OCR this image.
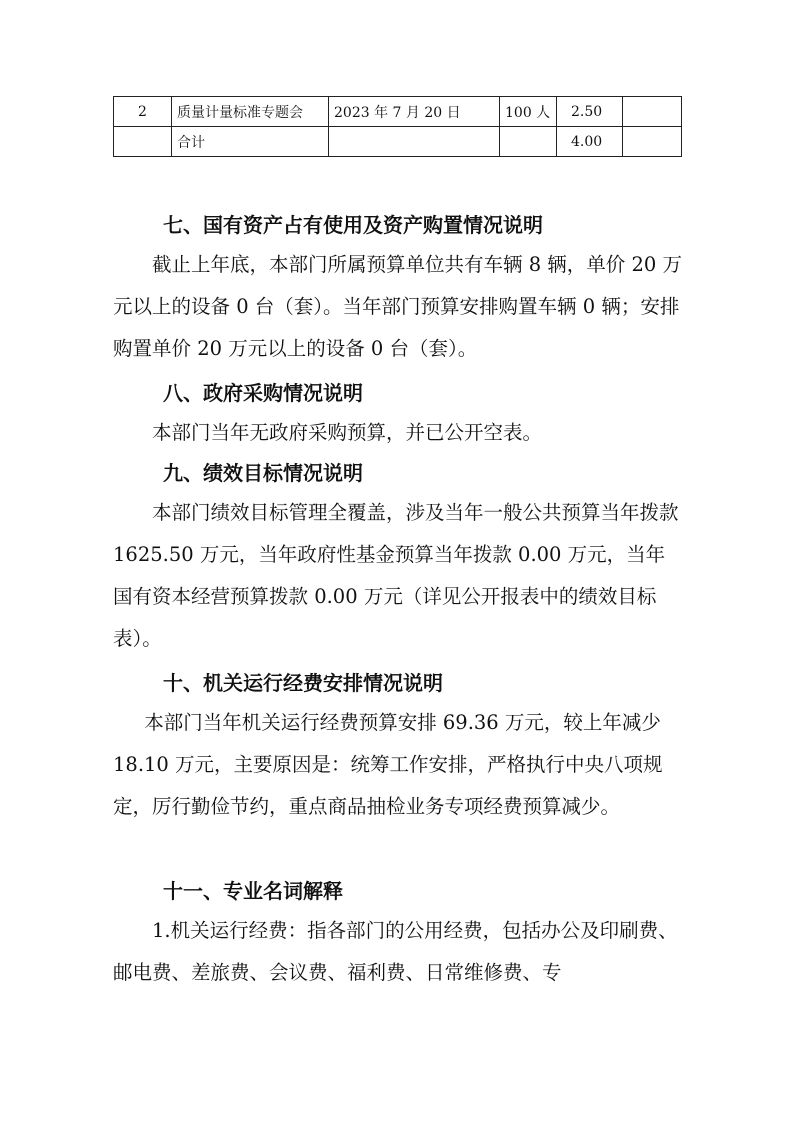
2	质量计量标准专题会	2023 年 7 月 20 日	100 人	2.50	
	合计			4.00	
七、国有资产占有使用及资产购置情况说明

截止上年底，本部门所属预算单位共有车辆 8 辆，单价 20 万元以上的设备 0 台（套）。当年部门预算安排购置车辆 0 辆；安排购置单价 20 万元以上的设备 0 台（套）。

八、政府采购情况说明

本部门当年无政府采购预算，并已公开空表。

九、绩效目标情况说明

本部门绩效目标管理全覆盖，涉及当年一般公共预算当年拨款 1625.50 万元，当年政府性基金预算当年拨款 0.00 万元，当年国有资本经营预算拨款 0.00 万元（详见公开报表中的绩效目标表）。

十、机关运行经费安排情况说明

本部门当年机关运行经费预算安排 69.36 万元，较上年减少 18.10 万元，主要原因是：统筹工作安排，严格执行中央八项规定，厉行勤俭节约，重点商品抽检业务专项经费预算减少。

十一、专业名词解释

1.机关运行经费：指各部门的公用经费，包括办公及印刷费、邮电费、差旅费、会议费、福利费、日常维修费、专
